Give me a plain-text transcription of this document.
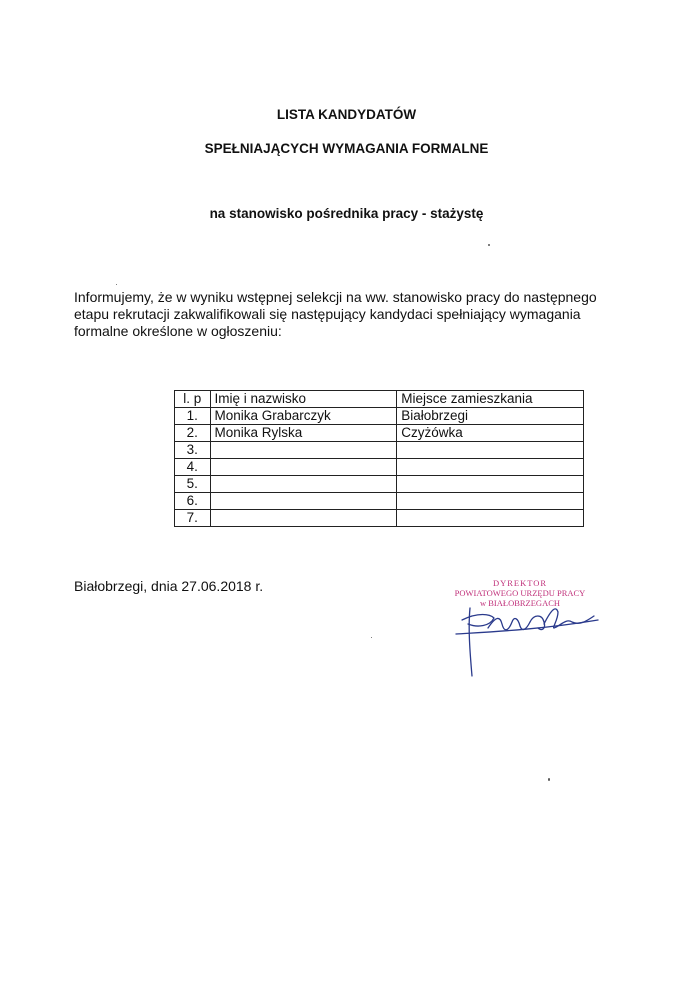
LISTA KANDYDATÓW
SPEŁNIAJĄCYCH WYMAGANIA FORMALNE
na stanowisko pośrednika pracy - stażystę
Informujemy, że w wyniku wstępnej selekcji na ww. stanowisko pracy do następnego
etapu rekrutacji zakwalifikowali się następujący kandydaci spełniający wymagania
formalne określone w ogłoszeniu:
l. p	Imię i nazwisko	Miejsce zamieszkania
1.	Monika Grabarczyk	Białobrzegi
2.	Monika Rylska	Czyżówka
3.		
4.		
5.		
6.		
7.		
Białobrzegi, dnia 27.06.2018 r.	DYREKTOR
POWIATOWEGO URZĘDU PRACY
w BIAŁOBRZEGACH
